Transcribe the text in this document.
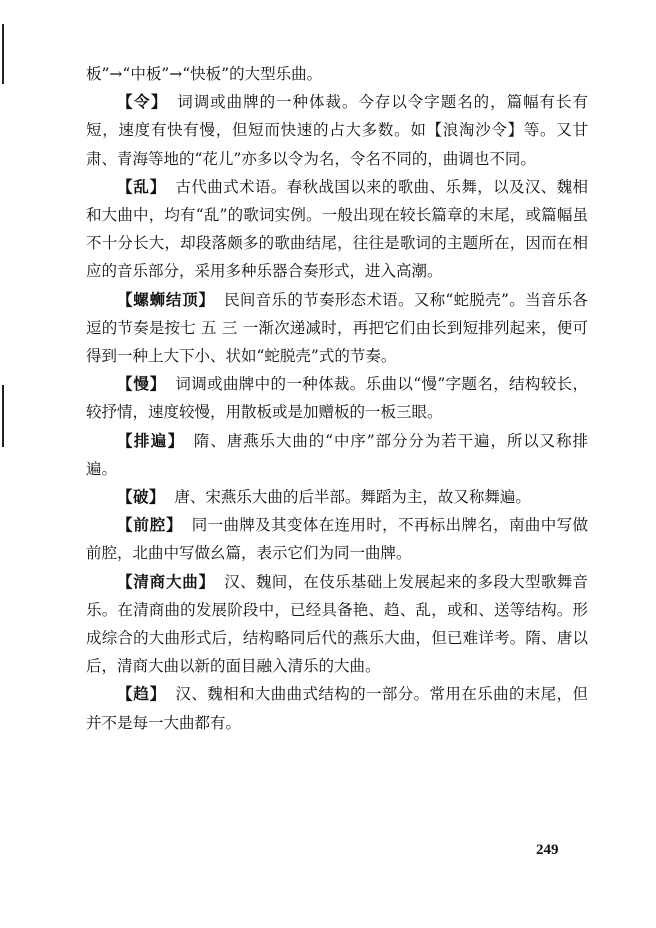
板”→“中板”→“快板”的大型乐曲。

【令】 词调或曲牌的一种体裁。今存以令字题名的，篇幅有长有短，速度有快有慢，但短而快速的占大多数。如【浪淘沙令】等。又甘肃、青海等地的“花儿”亦多以令为名，令名不同的，曲调也不同。

【乱】 古代曲式术语。春秋战国以来的歌曲、乐舞，以及汉、魏相和大曲中，均有“乱”的歌词实例。一般出现在较长篇章的末尾，或篇幅虽不十分长大，却段落颇多的歌曲结尾，往往是歌词的主题所在，因而在相应的音乐部分，采用多种乐器合奏形式，进入高潮。

【螺蛳结顶】 民间音乐的节奏形态术语。又称“蛇脱壳”。当音乐各逗的节奏是按七 五 三 一渐次递减时，再把它们由长到短排列起来，便可得到一种上大下小、状如“蛇脱壳”式的节奏。

【慢】 词调或曲牌中的一种体裁。乐曲以“慢”字题名，结构较长，较抒情，速度较慢，用散板或是加赠板的一板三眼。

【排遍】 隋、唐燕乐大曲的“中序”部分分为若干遍，所以又称排遍。

【破】 唐、宋燕乐大曲的后半部。舞蹈为主，故又称舞遍。

【前腔】 同一曲牌及其变体在连用时，不再标出牌名，南曲中写做前腔，北曲中写做幺篇，表示它们为同一曲牌。

【清商大曲】 汉、魏间，在伎乐基础上发展起来的多段大型歌舞音乐。在清商曲的发展阶段中，已经具备艳、趋、乱，或和、送等结构。形成综合的大曲形式后，结构略同后代的燕乐大曲，但已难详考。隋、唐以后，清商大曲以新的面目融入清乐的大曲。

【趋】 汉、魏相和大曲曲式结构的一部分。常用在乐曲的末尾，但并不是每一大曲都有。

249
